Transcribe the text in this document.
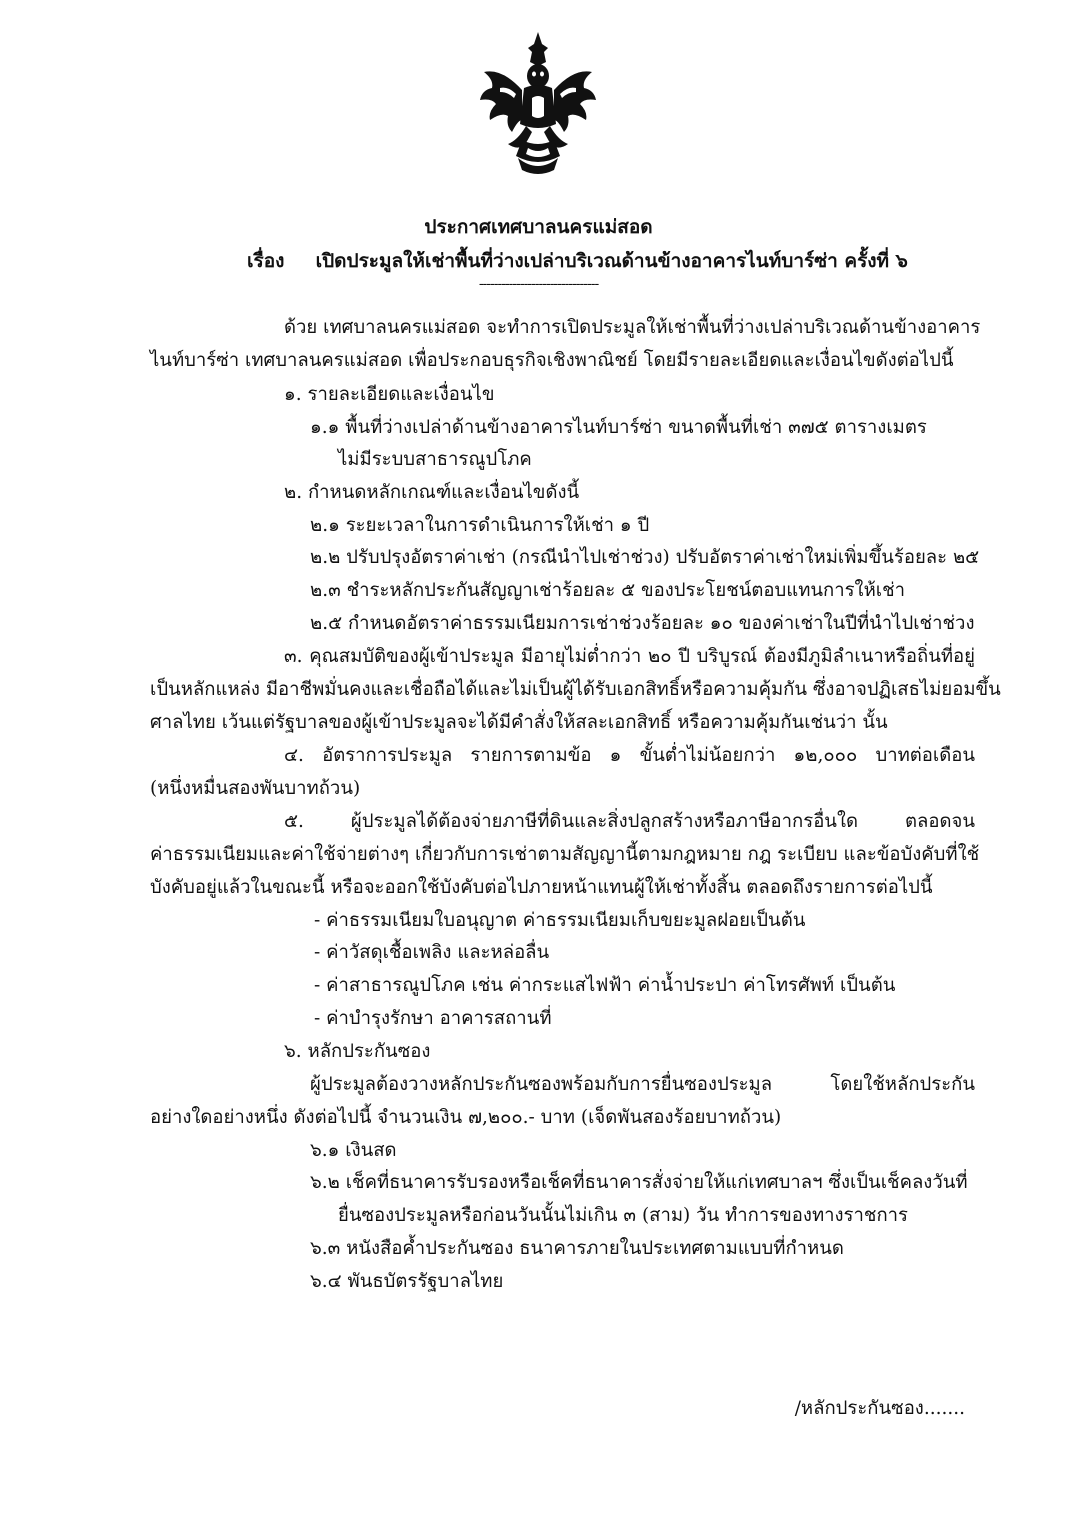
ประกาศเทศบาลนครแม่สอด
เรื่อง เปิดประมูลให้เช่าพื้นที่ว่างเปล่าบริเวณด้านข้างอาคารไนท์บาร์ซ่า ครั้งที่ ๖
--------------------------------
ด้วย เทศบาลนครแม่สอด จะทำการเปิดประมูลให้เช่าพื้นที่ว่างเปล่าบริเวณด้านข้างอาคาร
ไนท์บาร์ซ่า เทศบาลนครแม่สอด เพื่อประกอบธุรกิจเชิงพาณิชย์ โดยมีรายละเอียดและเงื่อนไขดังต่อไปนี้
๑. รายละเอียดและเงื่อนไข
๑.๑ พื้นที่ว่างเปล่าด้านข้างอาคารไนท์บาร์ซ่า ขนาดพื้นที่เช่า ๓๗๕ ตารางเมตร
ไม่มีระบบสาธารณูปโภค
๒. กำหนดหลักเกณฑ์และเงื่อนไขดังนี้
๒.๑ ระยะเวลาในการดำเนินการให้เช่า ๑ ปี
๒.๒ ปรับปรุงอัตราค่าเช่า (กรณีนำไปเช่าช่วง) ปรับอัตราค่าเช่าใหม่เพิ่มขึ้นร้อยละ ๒๕
๒.๓ ชำระหลักประกันสัญญาเช่าร้อยละ ๕ ของประโยชน์ตอบแทนการให้เช่า
๒.๕ กำหนดอัตราค่าธรรมเนียมการเช่าช่วงร้อยละ ๑๐ ของค่าเช่าในปีที่นำไปเช่าช่วง
๓. คุณสมบัติของผู้เข้าประมูล มีอายุไม่ต่ำกว่า ๒๐ ปี บริบูรณ์ ต้องมีภูมิลำเนาหรือถิ่นที่อยู่
เป็นหลักแหล่ง มีอาชีพมั่นคงและเชื่อถือได้และไม่เป็นผู้ได้รับเอกสิทธิ์หรือความคุ้มกัน ซึ่งอาจปฏิเสธไม่ยอมขึ้น
ศาลไทย เว้นแต่รัฐบาลของผู้เข้าประมูลจะได้มีคำสั่งให้สละเอกสิทธิ์ หรือความคุ้มกันเช่นว่า นั้น
๔. อัตราการประมูล รายการตามข้อ ๑ ขั้นต่ำไม่น้อยกว่า ๑๒,๐๐๐ บาทต่อเดือน
(หนึ่งหมื่นสองพันบาทถ้วน)
๕. ผู้ประมูลได้ต้องจ่ายภาษีที่ดินและสิ่งปลูกสร้างหรือภาษีอากรอื่นใด ตลอดจน
ค่าธรรมเนียมและค่าใช้จ่ายต่างๆ เกี่ยวกับการเช่าตามสัญญานี้ตามกฎหมาย กฎ ระเบียบ และข้อบังคับที่ใช้
บังคับอยู่แล้วในขณะนี้ หรือจะออกใช้บังคับต่อไปภายหน้าแทนผู้ให้เช่าทั้งสิ้น ตลอดถึงรายการต่อไปนี้
- ค่าธรรมเนียมใบอนุญาต ค่าธรรมเนียมเก็บขยะมูลฝอยเป็นต้น
- ค่าวัสดุเชื้อเพลิง และหล่อลื่น
- ค่าสาธารณูปโภค เช่น ค่ากระแสไฟฟ้า ค่าน้ำประปา ค่าโทรศัพท์ เป็นต้น
- ค่าบำรุงรักษา อาคารสถานที่
๖. หลักประกันซอง
ผู้ประมูลต้องวางหลักประกันซองพร้อมกับการยื่นซองประมูล โดยใช้หลักประกัน
อย่างใดอย่างหนึ่ง ดังต่อไปนี้ จำนวนเงิน ๗,๒๐๐.- บาท (เจ็ดพันสองร้อยบาทถ้วน)
๖.๑ เงินสด
๖.๒ เช็คที่ธนาคารรับรองหรือเช็คที่ธนาคารสั่งจ่ายให้แก่เทศบาลฯ ซึ่งเป็นเช็คลงวันที่
ยื่นซองประมูลหรือก่อนวันนั้นไม่เกิน ๓ (สาม) วัน ทำการของทางราชการ
๖.๓ หนังสือค้ำประกันซอง ธนาคารภายในประเทศตามแบบที่กำหนด
๖.๔ พันธบัตรรัฐบาลไทย
/หลักประกันซอง.......
